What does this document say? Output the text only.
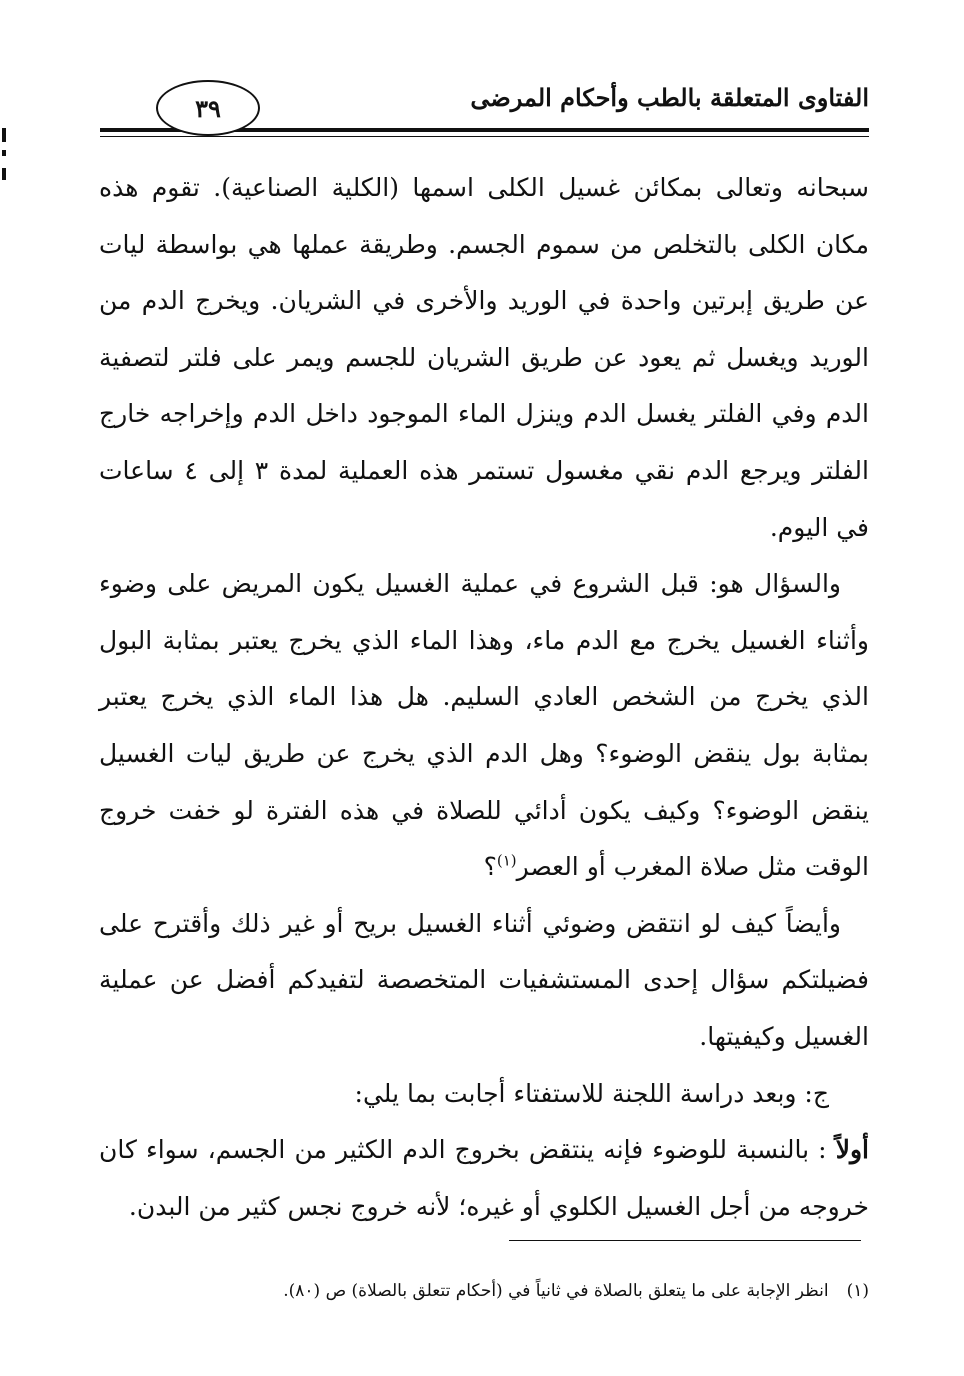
الفتاوى المتعلقة بالطب وأحكام المرضى
٣٩

سبحانه وتعالى بمكائن غسيل الكلى اسمها (الكلية الصناعية). تقوم هذه مكان الكلى بالتخلص من سموم الجسم. وطريقة عملها هي بواسطة ليات عن طريق إبرتين واحدة في الوريد والأخرى في الشريان. ويخرج الدم من الوريد ويغسل ثم يعود عن طريق الشريان للجسم ويمر على فلتر لتصفية الدم وفي الفلتر يغسل الدم وينزل الماء الموجود داخل الدم وإخراجه خارج الفلتر ويرجع الدم نقي مغسول تستمر هذه العملية لمدة ٣ إلى ٤ ساعات في اليوم.

والسؤال هو: قبل الشروع في عملية الغسيل يكون المريض على وضوء وأثناء الغسيل يخرج مع الدم ماء، وهذا الماء الذي يخرج يعتبر بمثابة البول الذي يخرج من الشخص العادي السليم. هل هذا الماء الذي يخرج يعتبر بمثابة بول ينقض الوضوء؟ وهل الدم الذي يخرج عن طريق ليات الغسيل ينقض الوضوء؟ وكيف يكون أدائي للصلاة في هذه الفترة لو خفت خروج الوقت مثل صلاة المغرب أو العصر$^{(١)}$؟

وأيضاً كيف لو انتقض وضوئي أثناء الغسيل بريح أو غير ذلك وأقترح على فضيلتكم سؤال إحدى المستشفيات المتخصصة لتفيدكم أفضل عن عملية الغسيل وكيفيتها.

ج: وبعد دراسة اللجنة للاستفتاء أجابت بما يلي:

أولاً : بالنسبة للوضوء فإنه ينتقض بخروج الدم الكثير من الجسم، سواء كان خروجه من أجل الغسيل الكلوي أو غيره؛ لأنه خروج نجس كثير من البدن.

(١)انظر الإجابة على ما يتعلق بالصلاة في ثانياً في (أحكام تتعلق بالصلاة) ص (٨٠).
